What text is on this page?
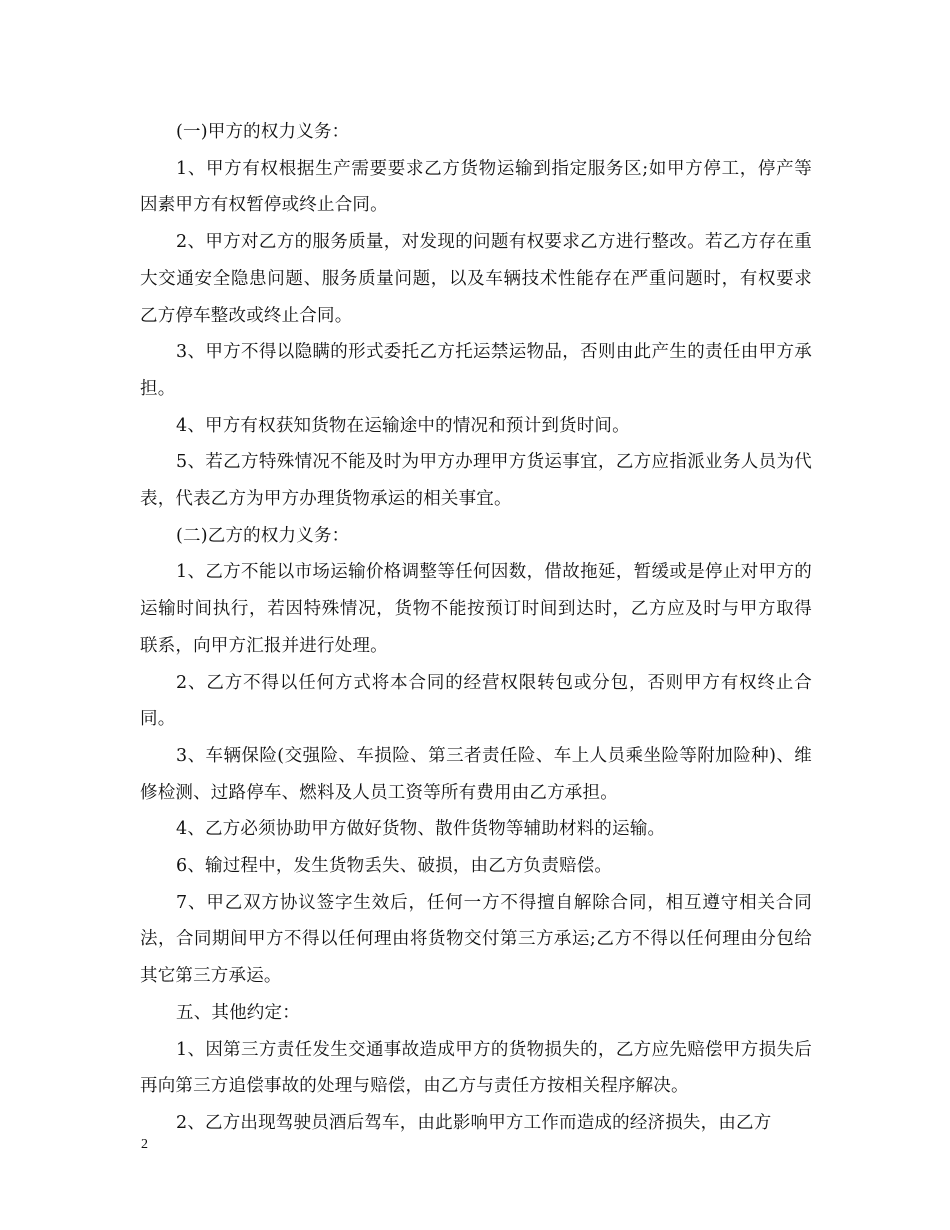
(一)甲方的权力义务：

1、甲方有权根据生产需要要求乙方货物运输到指定服务区;如甲方停工，停产等因素甲方有权暂停或终止合同。

2、甲方对乙方的服务质量，对发现的问题有权要求乙方进行整改。若乙方存在重大交通安全隐患问题、服务质量问题，以及车辆技术性能存在严重问题时，有权要求乙方停车整改或终止合同。

3、甲方不得以隐瞒的形式委托乙方托运禁运物品，否则由此产生的责任由甲方承担。

4、甲方有权获知货物在运输途中的情况和预计到货时间。

5、若乙方特殊情况不能及时为甲方办理甲方货运事宜，乙方应指派业务人员为代表，代表乙方为甲方办理货物承运的相关事宜。

(二)乙方的权力义务：

1、乙方不能以市场运输价格调整等任何因数，借故拖延，暂缓或是停止对甲方的运输时间执行，若因特殊情况，货物不能按预订时间到达时，乙方应及时与甲方取得联系，向甲方汇报并进行处理。

2、乙方不得以任何方式将本合同的经营权限转包或分包，否则甲方有权终止合同。

3、车辆保险(交强险、车损险、第三者责任险、车上人员乘坐险等附加险种)、维修检测、过路停车、燃料及人员工资等所有费用由乙方承担。

4、乙方必须协助甲方做好货物、散件货物等辅助材料的运输。

6、输过程中，发生货物丢失、破损，由乙方负责赔偿。

7、甲乙双方协议签字生效后，任何一方不得擅自解除合同，相互遵守相关合同法，合同期间甲方不得以任何理由将货物交付第三方承运;乙方不得以任何理由分包给其它第三方承运。

五、其他约定：

1、因第三方责任发生交通事故造成甲方的货物损失的，乙方应先赔偿甲方损失后再向第三方追偿事故的处理与赔偿，由乙方与责任方按相关程序解决。

2、乙方出现驾驶员酒后驾车，由此影响甲方工作而造成的经济损失，由乙方

2
